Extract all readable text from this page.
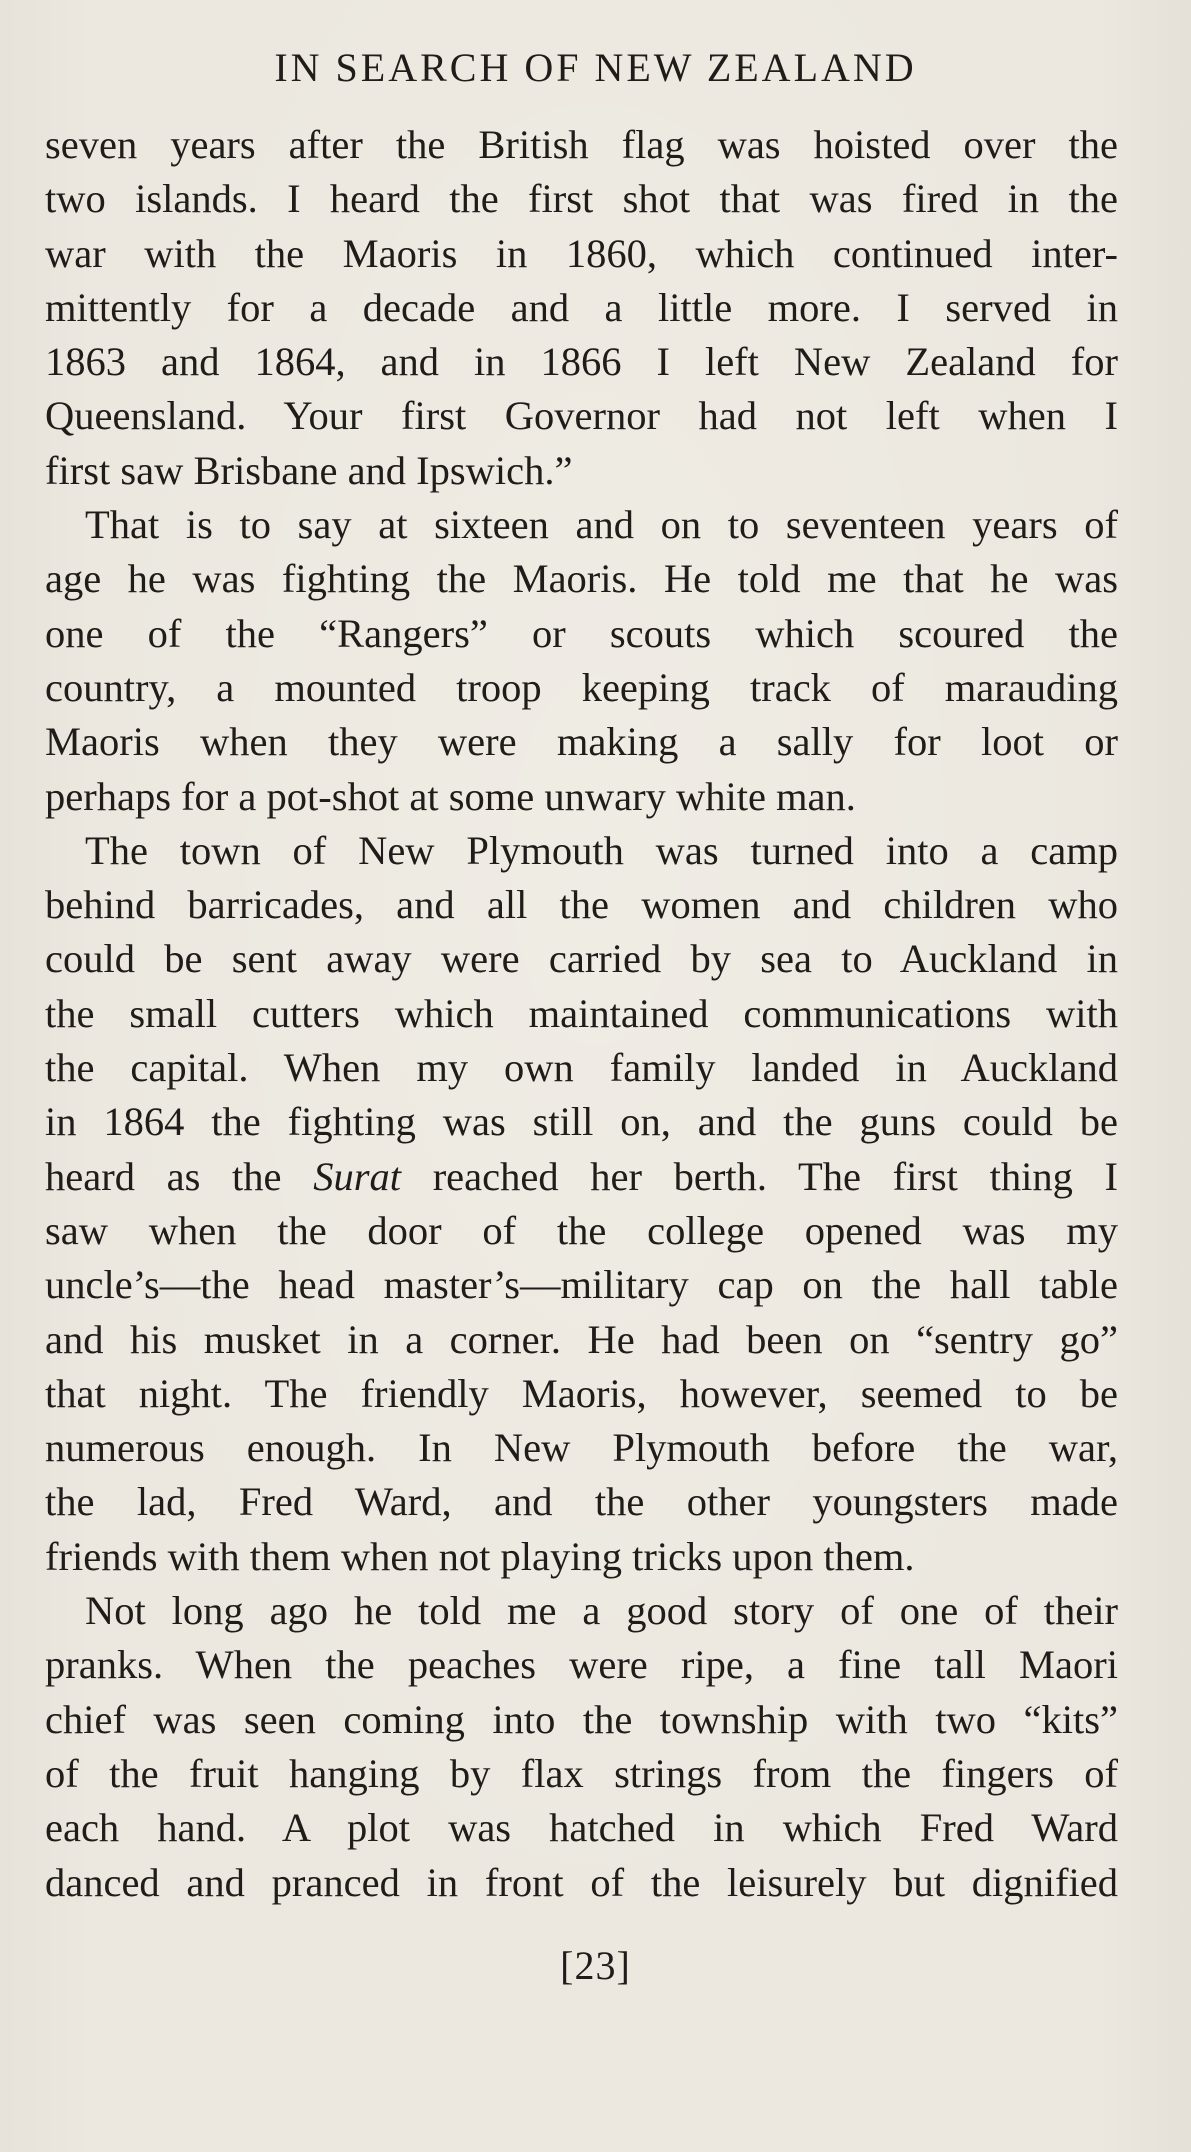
IN SEARCH OF NEW ZEALAND
seven years after the British flag was hoisted over the
two islands. I heard the first shot that was fired in the
war with the Maoris in 1860, which continued inter-
mittently for a decade and a little more. I served in
1863 and 1864, and in 1866 I left New Zealand for
Queensland. Your first Governor had not left when I
first saw Brisbane and Ipswich.”
That is to say at sixteen and on to seventeen years of
age he was fighting the Maoris. He told me that he was
one of the “Rangers” or scouts which scoured the
country, a mounted troop keeping track of marauding
Maoris when they were making a sally for loot or
perhaps for a pot-shot at some unwary white man.
The town of New Plymouth was turned into a camp
behind barricades, and all the women and children who
could be sent away were carried by sea to Auckland in
the small cutters which maintained communications with
the capital. When my own family landed in Auckland
in 1864 the fighting was still on, and the guns could be
heard as the Surat reached her berth. The first thing I
saw when the door of the college opened was my
uncle’s—the head master’s—military cap on the hall table
and his musket in a corner. He had been on “sentry go”
that night. The friendly Maoris, however, seemed to be
numerous enough. In New Plymouth before the war,
the lad, Fred Ward, and the other youngsters made
friends with them when not playing tricks upon them.
Not long ago he told me a good story of one of their
pranks. When the peaches were ripe, a fine tall Maori
chief was seen coming into the township with two “kits”
of the fruit hanging by flax strings from the fingers of
each hand. A plot was hatched in which Fred Ward
danced and pranced in front of the leisurely but dignified
[23]
